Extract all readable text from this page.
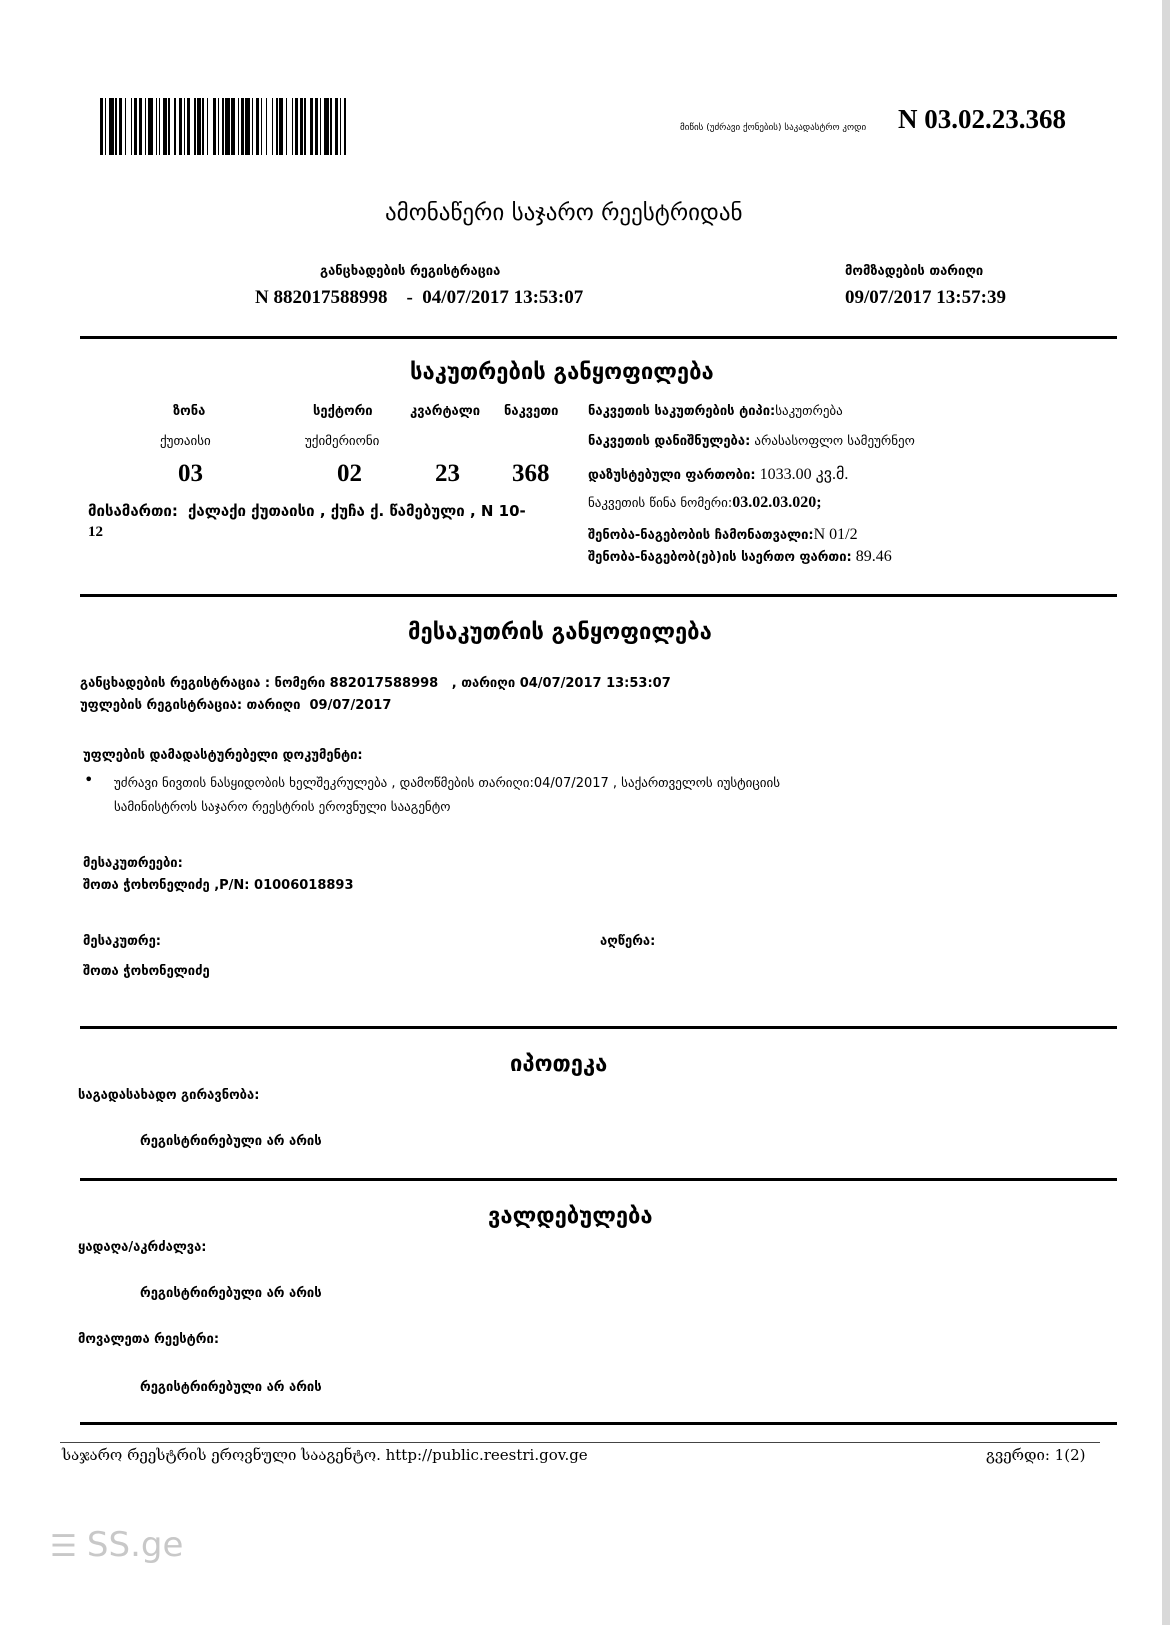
მიწის (უძრავი ქონების) საკადასტრო კოდი N 03.02.23.368
ამონაწერი საჯარო რეესტრიდან
განცხადების რეგისტრაცია
N 882017588998    -  04/07/2017 13:53:07
მომზადების თარიღი
09/07/2017 13:57:39
საკუთრების განყოფილება
ზონა	სექტორი	კვარტალი ნაკვეთი
ქუთაისი	უქიმერიონი
03	02	23 368
მისამართი: ქალაქი ქუთაისი , ქუჩა ქ. წამებული , N 10-
12
ნაკვეთის საკუთრების ტიპი:საკუთრება
ნაკვეთის დანიშნულება: არასასოფლო სამეურნეო
დაზუსტებული ფართობი: 1033.00 კვ.მ.
ნაკვეთის წინა ნომერი:03.02.03.020;
შენობა-ნაგებობის ჩამონათვალი:N 01/2
შენობა-ნაგებობ(ებ)ის საერთო ფართი: 89.46
მესაკუთრის განყოფილება
განცხადების რეგისტრაცია : ნომერი 882017588998   , თარიღი 04/07/2017 13:53:07
უფლების რეგისტრაცია: თარიღი  09/07/2017
უფლების დამადასტურებელი დოკუმენტი:
• უძრავი ნივთის ნასყიდობის ხელშეკრულება , დამოწმების თარიღი:04/07/2017 , საქართველოს იუსტიციის
სამინისტროს საჯარო რეესტრის ეროვნული სააგენტო
მესაკუთრეები:
შოთა ჭოხონელიძე ,P/N: 01006018893
მესაკუთრე:
შოთა ჭოხონელიძე
აღწერა:
იპოთეკა
საგადასახადო გირავნობა:
რეგისტრირებული არ არის
ვალდებულება
ყადაღა/აკრძალვა:
რეგისტრირებული არ არის
მოვალეთა რეესტრი:
რეგისტრირებული არ არის
საჯარო რეესტრის ეროვნული სააგენტო. http://public.reestri.gov.ge	გვერდი: 1(2)
☰ SS.ge
